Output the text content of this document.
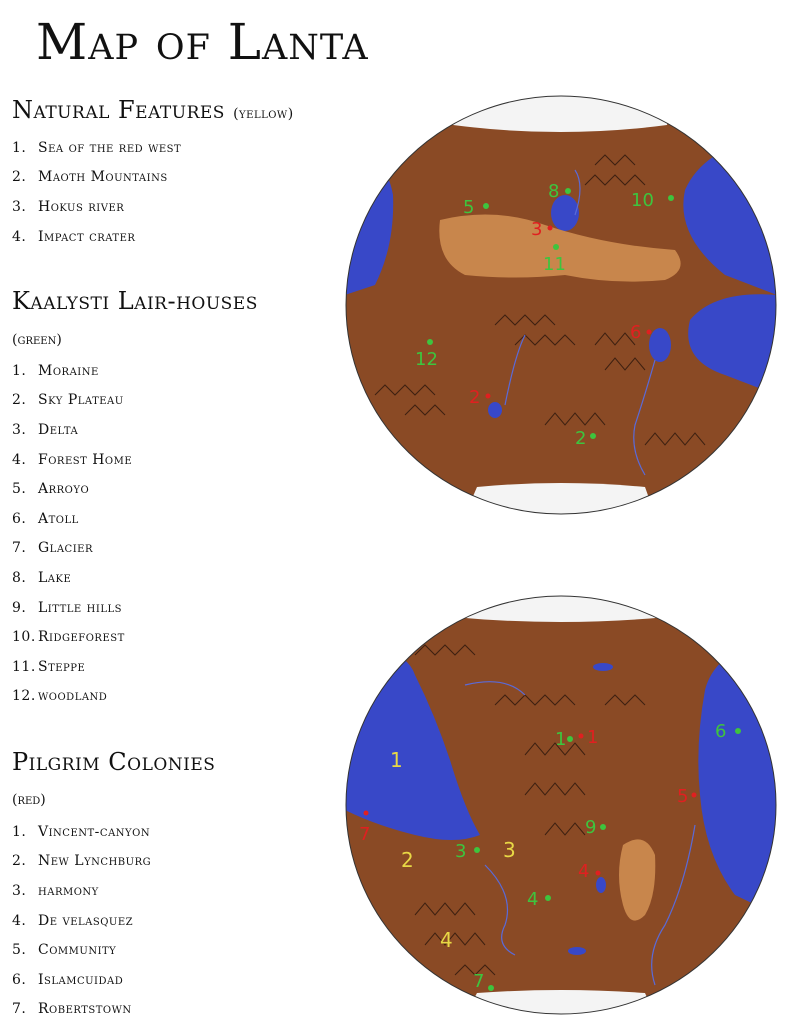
Map of Lanta
Natural Features (yellow)
1. Sea of the red west
2. Maoth Mountains
3. Hokus river
4. Impact crater
Kaalysti Lair-houses
(green)
1. Moraine
2. Sky Plateau
3. Delta
4. Forest Home
5. Arroyo
6. Atoll
7. Glacier
8. Lake
9. Little hills
10. Ridgeforest
11. Steppe
12. woodland
Pilgrim Colonies
(red)
1. Vincent-canyon
2. New Lynchburg
3. harmony
4. De velasquez
5. Community
6. Islamcuidad
7. Robertstown
5
8	10
11
12
2
3
6
2
1
2	3
4
1	6
9
3
4
7
1
5
7
4
